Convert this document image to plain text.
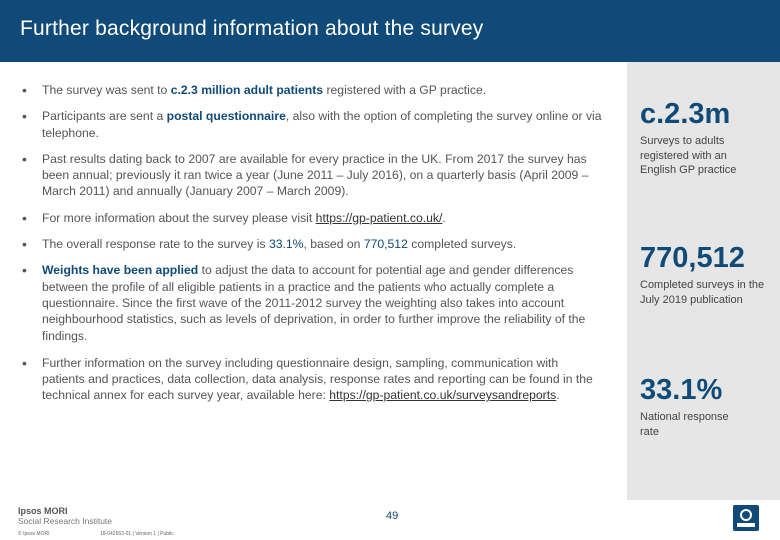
Further background information about the survey
• The survey was sent to c.2.3 million adult patients registered with a GP practice.
• Participants are sent a postal questionnaire, also with the option of completing the survey online or via telephone.
• Past results dating back to 2007 are available for every practice in the UK. From 2017 the survey has been annual; previously it ran twice a year (June 2011 – July 2016), on a quarterly basis (April 2009 – March 2011) and annually (January 2007 – March 2009).
• For more information about the survey please visit https://gp-patient.co.uk/.
• The overall response rate to the survey is 33.1%, based on 770,512 completed surveys.
• Weights have been applied to adjust the data to account for potential age and gender differences between the profile of all eligible patients in a practice and the patients who actually complete a questionnaire. Since the first wave of the 2011-2012 survey the weighting also takes into account neighbourhood statistics, such as levels of deprivation, in order to further improve the reliability of the findings.
• Further information on the survey including questionnaire design, sampling, communication with patients and practices, data collection, data analysis, response rates and reporting can be found in the technical annex for each survey year, available here: https://gp-patient.co.uk/surveysandreports.
c.2.3m
Surveys to adults registered with an English GP practice
770,512
Completed surveys in the July 2019 publication
33.1%
National response rate
Ipsos MORI
Social Research Institute
© Ipsos MORI	18-042653-01 | Version 1 | Public
49
